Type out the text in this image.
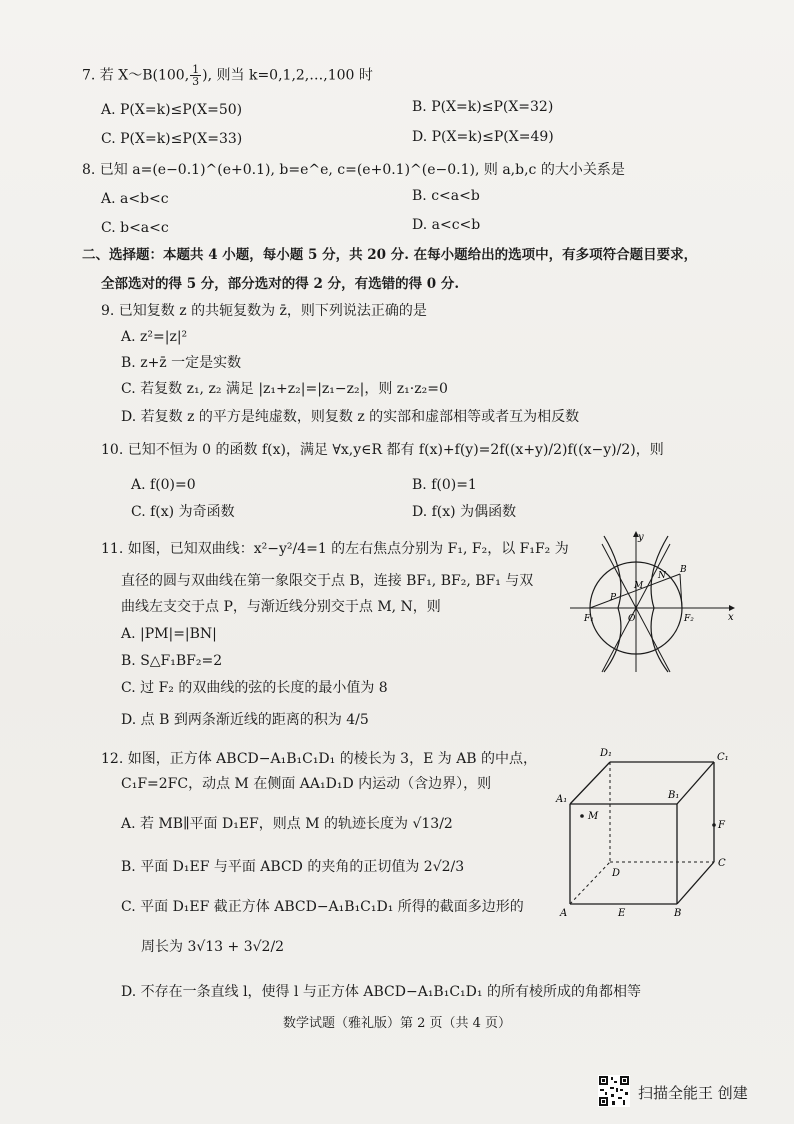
7. 若 X～B(100, $\frac{1}{3}$ ), 则当 k=0,1,2,…,100 时
A. P(X=k)≤P(X=50)	B. P(X=k)≤P(X=32)
C. P(X=k)≤P(X=33)	D. P(X=k)≤P(X=49)
8. 已知 a=(e−0.1)^(e+0.1), b=e^e, c=(e+0.1)^(e−0.1), 则 a,b,c 的大小关系是
A. a<b<c	B. c<a<b
C. b<a<c	D. a<c<b
二、选择题：本题共 4 小题，每小题 5 分，共 20 分. 在每小题给出的选项中，有多项符合题目要求，
全部选对的得 5 分，部分选对的得 2 分，有选错的得 0 分.
9. 已知复数 z 的共轭复数为 z̄，则下列说法正确的是
A. z²=|z|²
B. z+z̄ 一定是实数
C. 若复数 z₁, z₂ 满足 |z₁+z₂|=|z₁−z₂|，则 z₁·z₂=0
D. 若复数 z 的平方是纯虚数，则复数 z 的实部和虚部相等或者互为相反数
10. 已知不恒为 0 的函数 f(x)，满足 ∀x,y∈R 都有 f(x)+f(y)=2f((x+y)/2)f((x−y)/2)，则
A. f(0)=0	B. f(0)=1
C. f(x) 为奇函数	D. f(x) 为偶函数
11. 如图，已知双曲线：x²−y²/4=1 的左右焦点分别为 F₁, F₂，以 F₁F₂ 为
直径的圆与双曲线在第一象限交于点 B，连接 BF₁, BF₂, BF₁ 与双
曲线左支交于点 P，与渐近线分别交于点 M, N，则
A. |PM|=|BN|
B. S△F₁BF₂=2
C. 过 F₂ 的双曲线的弦的长度的最小值为 8
D. 点 B 到两条渐近线的距离的积为 4/5
y
x
O
F₁	F₂
P
M
N
B
12. 如图，正方体 ABCD−A₁B₁C₁D₁ 的棱长为 3，E 为 AB 的中点，
C₁F=2FC，动点 M 在侧面 AA₁D₁D 内运动（含边界），则
A. 若 MB∥平面 D₁EF，则点 M 的轨迹长度为 √13/2
B. 平面 D₁EF 与平面 ABCD 的夹角的正切值为 2√2/3
C. 平面 D₁EF 截正方体 ABCD−A₁B₁C₁D₁ 所得的截面多边形的
周长为 3√13 + 3√2/2
D. 不存在一条直线 l，使得 l 与正方体 ABCD−A₁B₁C₁D₁ 的所有棱所成的角都相等
A	E	B
C
D
A₁	B₁
C₁
D₁
F
M
数学试题（雅礼版）第 2 页（共 4 页）
扫描全能王 创建
